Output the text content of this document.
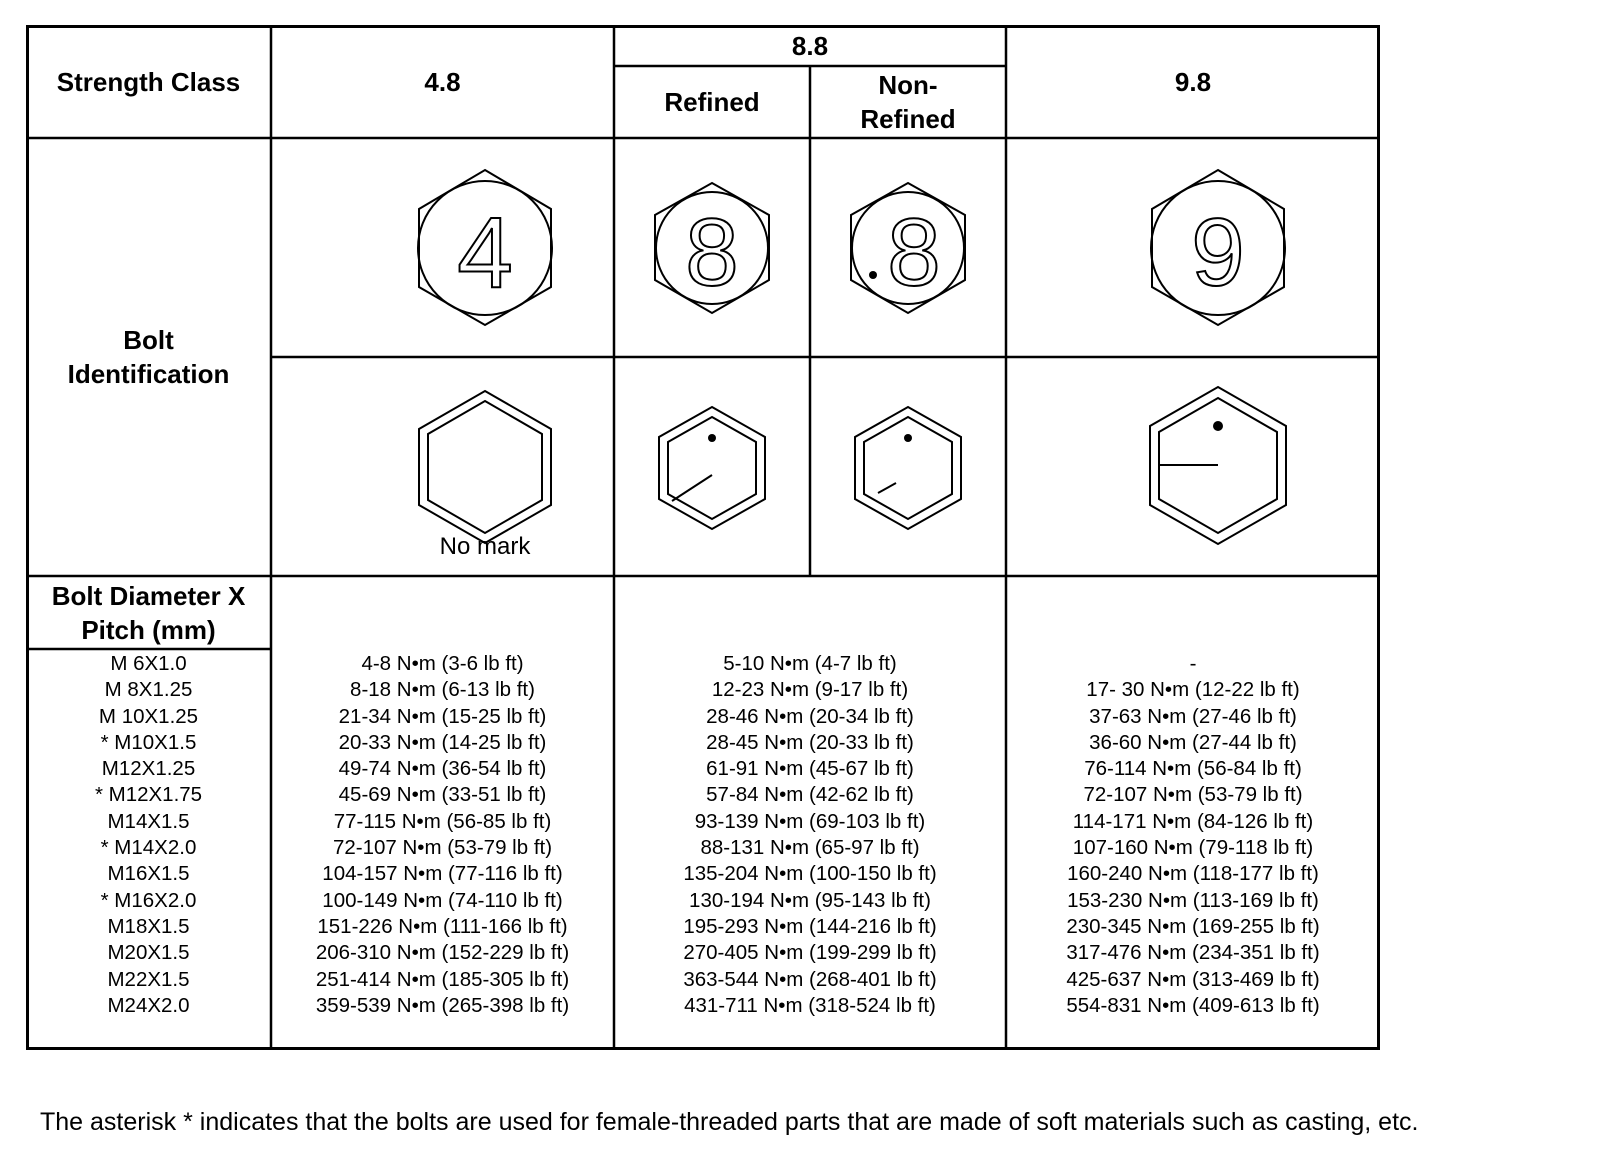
Strength Class	4.8
8.8
Refined
Non-
Refined
9.8
Bolt
Identification
Bolt Diameter X
Pitch (mm)
4 8 8	9
No mark
M 6X1.0
M 8X1.25
M 10X1.25
* M10X1.5
M12X1.25
* M12X1.75
M14X1.5
* M14X2.0
M16X1.5
* M16X2.0
M18X1.5
M20X1.5
M22X1.5
M24X2.0
4-8 N•m (3-6 lb ft)
8-18 N•m (6-13 lb ft)
21-34 N•m (15-25 lb ft)
20-33 N•m (14-25 lb ft)
49-74 N•m (36-54 lb ft)
45-69 N•m (33-51 lb ft)
77-115 N•m (56-85 lb ft)
72-107 N•m (53-79 lb ft)
104-157 N•m (77-116 lb ft)
100-149 N•m (74-110 lb ft)
151-226 N•m (111-166 lb ft)
206-310 N•m (152-229 lb ft)
251-414 N•m (185-305 lb ft)
359-539 N•m (265-398 lb ft)
5-10 N•m (4-7 lb ft)
12-23 N•m (9-17 lb ft)
28-46 N•m (20-34 lb ft)
28-45 N•m (20-33 lb ft)
61-91 N•m (45-67 lb ft)
57-84 N•m (42-62 lb ft)
93-139 N•m (69-103 lb ft)
88-131 N•m (65-97 lb ft)
135-204 N•m (100-150 lb ft)
130-194 N•m (95-143 lb ft)
195-293 N•m (144-216 lb ft)
270-405 N•m (199-299 lb ft)
363-544 N•m (268-401 lb ft)
431-711 N•m (318-524 lb ft)
-
17- 30 N•m (12-22 lb ft)
37-63 N•m (27-46 lb ft)
36-60 N•m (27-44 lb ft)
76-114 N•m (56-84 lb ft)
72-107 N•m (53-79 lb ft)
114-171 N•m (84-126 lb ft)
107-160 N•m (79-118 lb ft)
160-240 N•m (118-177 lb ft)
153-230 N•m (113-169 lb ft)
230-345 N•m (169-255 lb ft)
317-476 N•m (234-351 lb ft)
425-637 N•m (313-469 lb ft)
554-831 N•m (409-613 lb ft)
The asterisk * indicates that the bolts are used for female-threaded parts that are made of soft materials such as casting, etc.
